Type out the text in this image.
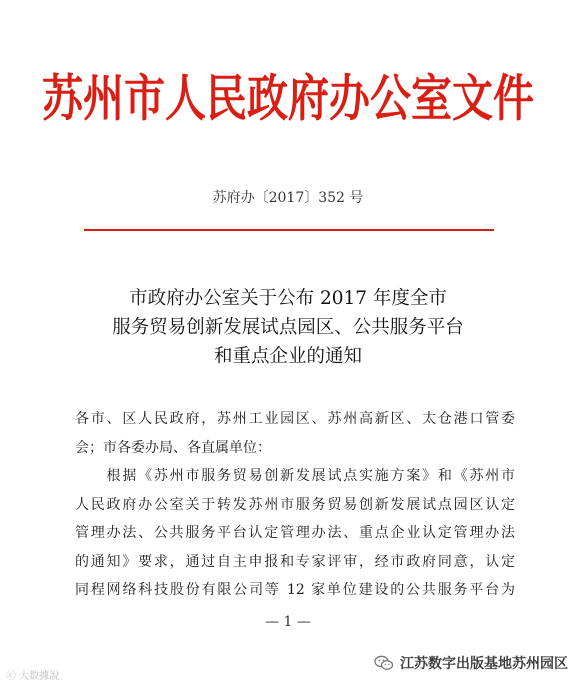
苏州市人民政府办公室文件
苏府办〔2017〕352 号
市政府办公室关于公布 2017 年度全市
服务贸易创新发展试点园区、公共服务平台
和重点企业的通知
各市、区人民政府，苏州工业园区、苏州高新区、太仓港口管委
会；市各委办局、各直属单位：
　　根据《苏州市服务贸易创新发展试点实施方案》和《苏州市
人民政府办公室关于转发苏州市服务贸易创新发展试点园区认定
管理办法、公共服务平台认定管理办法、重点企业认定管理办法
的通知》要求，通过自主申报和专家评审，经市政府同意，认定
同程网络科技股份有限公司等 12 家单位建设的公共服务平台为
— 1 —
ⓒ 大数據說
江苏数字出版基地苏州园区
